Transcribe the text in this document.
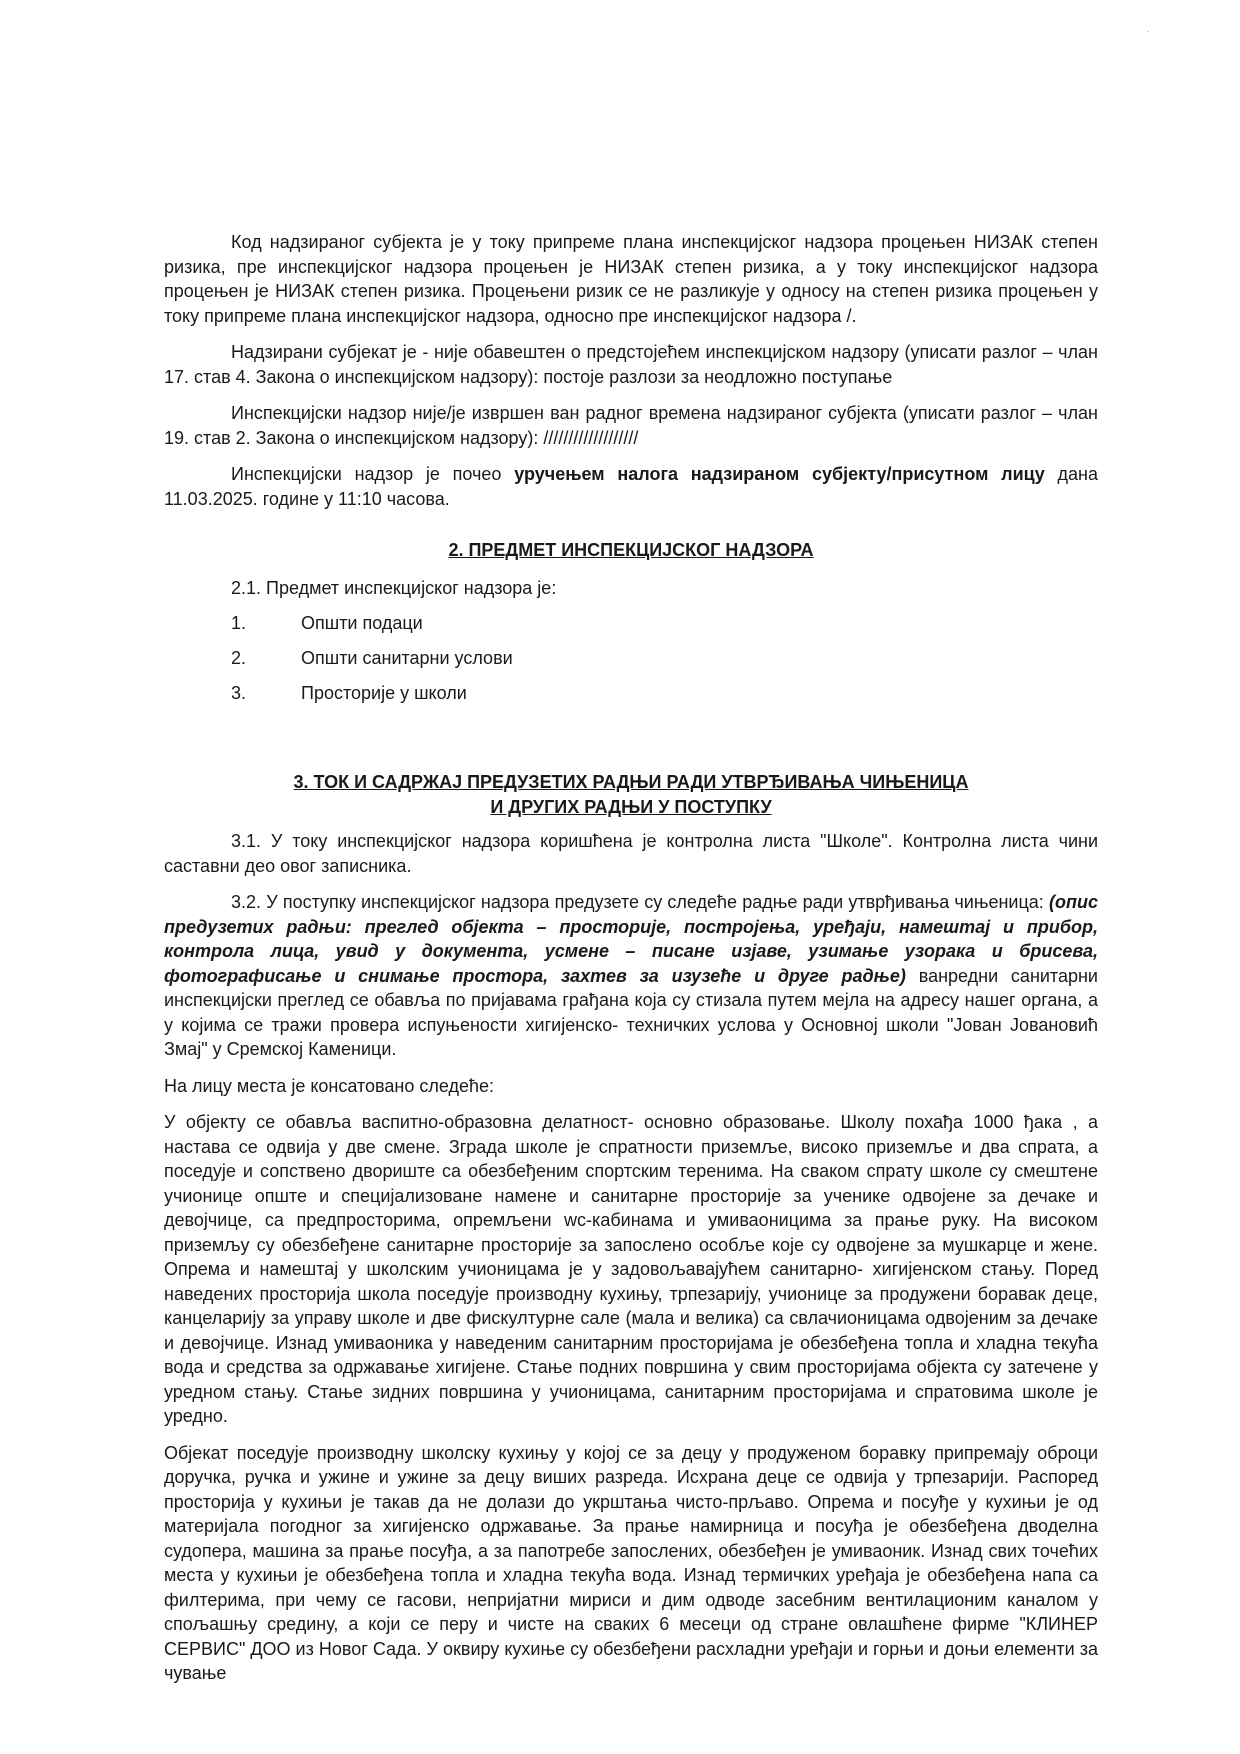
·

Код надзираног субјекта је у току припреме плана инспекцијског надзора процењен НИЗАК степен ризика, пре инспекцијског надзора процењен је НИЗАК степен ризика, а у току инспекцијског надзора процењен је НИЗАК степен ризика. Процењени ризик се не разликује у односу на степен ризика процењен у току припреме плана инспекцијског надзора, односно пре инспекцијског надзора /.

Надзирани субјекат је - није обавештен о предстојећем инспекцијском надзору (уписати разлог – члан 17. став 4. Закона о инспекцијском надзору): постоје разлози за неодложно поступање

Инспекцијски надзор није/је извршен ван радног времена надзираног субјекта (уписати разлог – члан 19. став 2. Закона о инспекцијском надзору): ///////////////////

Инспекцијски надзор је почео уручењем налога надзираном субјекту/присутном лицу дана 11.03.2025. године у 11:10 часова.

2. ПРЕДМЕТ ИНСПЕКЦИЈСКОГ НАДЗОРА

2.1. Предмет инспекцијског надзора је:

1.	Општи подаци
2.	Општи санитарни услови
3.	Просторије у школи

3. ТОК И САДРЖАЈ ПРЕДУЗЕТИХ РАДЊИ РАДИ УТВРЂИВАЊА ЧИЊЕНИЦА

И ДРУГИХ РАДЊИ У ПОСТУПКУ

3.1. У току инспекцијског надзора коришћена је контролна листа "Школе". Контролна листа чини саставни део овог записника.

3.2. У поступку инспекцијског надзора предузете су следеће радње ради утврђивања чињеница: (опис предузетих радњи: преглед објекта – просторије, постројења, уређаји, намештај и прибор, контрола лица, увид у документа, усмене – писане изјаве, узимање узорака и брисева, фотографисање и снимање простора, захтев за изузеће и друге радње) ванредни санитарни инспекцијски преглед се обавља по пријавама грађана која су стизала путем мејла на адресу нашег органа, а у којима се тражи провера испуњености хигијенско- техничких услова у Основној школи "Јован Јовановић Змај" у Сремској Каменици.

На лицу места је консатовано следеће:

У објекту се обавља васпитно-образовна делатност- основно образовање. Школу похађа 1000 ђака , а настава се одвија у две смене. Зграда школе је спратности приземље, високо приземље и два спрата, а поседује и сопствено двориште са обезбеђеним спортским теренима. На сваком спрату школе су смештене учионице опште и специјализоване намене и санитарне просторије за ученике одвојене за дечаке и девојчице, са предпросторима, опремљени wc-кабинама и умиваоницима за прање руку. На високом приземљу су обезбеђене санитарне просторије за запослено особље које су одвојене за мушкарце и жене. Опрема и намештај у школским учионицама је у задовољавајућем санитарно- хигијенском стању. Поред наведених просторија школа поседује производну кухињу, трпезарију, учионице за продужени боравак деце, канцеларију за управу школе и две фискултурне сале (мала и велика) са свлачионицама одвојеним за дечаке и девојчице. Изнад умиваоника у наведеним санитарним просторијама је обезбеђена топла и хладна текућа вода и средства за одржавање хигијене. Стање подних површина у свим просторијама објекта су затечене у уредном стању. Стање зидних површина у учионицама, санитарним просторијама и спратовима школе је уредно.

Објекат поседује производну школску кухињу у којој се за децу у продуженом боравку припремају оброци доручка, ручка и ужине и ужине за децу виших разреда. Исхрана деце се одвија у трпезарији. Распоред просторија у кухињи је такав да не долази до укрштања чисто-прљаво. Опрема и посуђе у кухињи је од материјала погодног за хигијенско одржавање. За прање намирница и посуђа је обезбеђена дводелна судопера, машина за прање посуђа, а за папотребе запослених, обезбеђен је умиваоник. Изнад свих точећих места у кухињи је обезбеђена топла и хладна текућа вода. Изнад термичких уређаја је обезбеђена напа са филтерима, при чему се гасови, непријатни мириси и дим одводе засебним вентилационим каналом у спољашњу средину, а који се перу и чисте на сваких 6 месеци од стране овлашћене фирме "КЛИНЕР СЕРВИС" ДОО из Новог Сада. У оквиру кухиње су обезбеђени расхладни уређаји и горњи и доњи елементи за чување
